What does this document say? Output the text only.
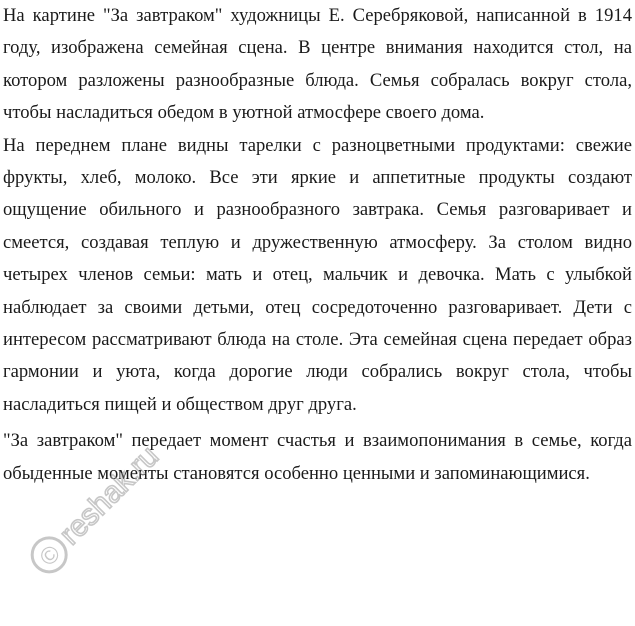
На картине "За завтраком" художницы Е. Серебряковой, написанной в 1914 году, изображена семейная сцена. В центре внимания находится стол, на котором разложены разнообразные блюда. Семья собралась вокруг стола, чтобы насладиться обедом в уютной атмосфере своего дома.

На переднем плане видны тарелки с разноцветными продуктами: свежие фрукты, хлеб, молоко. Все эти яркие и аппетитные продукты создают ощущение обильного и разнообразного завтрака. Семья разговаривает и смеется, создавая теплую и дружественную атмосферу. За столом видно четырех членов семьи: мать и отец, мальчик и девочка. Мать с улыбкой наблюдает за своими детьми, отец сосредоточенно разговаривает. Дети с интересом рассматривают блюда на столе. Эта семейная сцена передает образ гармонии и уюта, когда дорогие люди собрались вокруг стола, чтобы насладиться пищей и обществом друг друга.

"За завтраком" передает момент счастья и взаимопонимания в семье, когда обыденные моменты становятся особенно ценными и запоминающимися.

©
reshak.ru
